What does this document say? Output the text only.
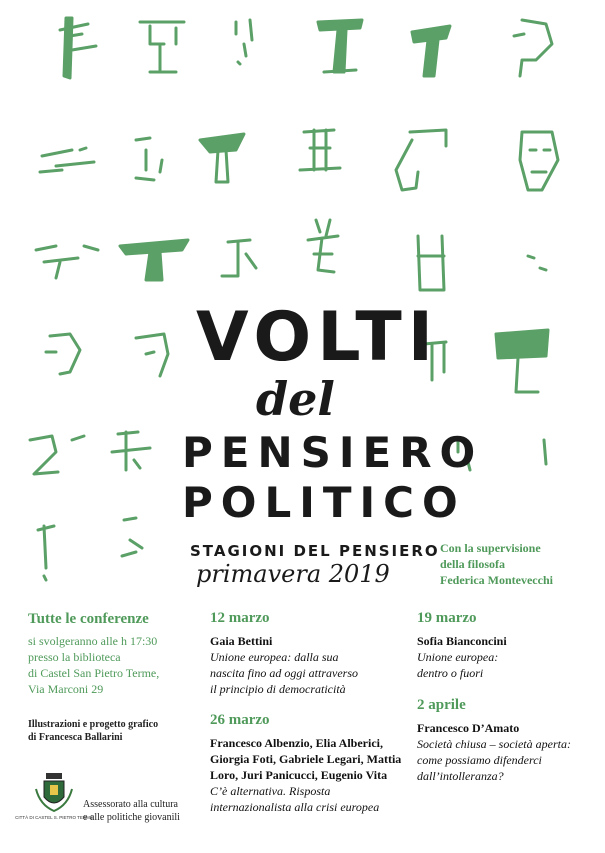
VOLTI
del
PENSIERO
POLITICO
STAGIONI DEL PENSIERO
primavera 2019
Con la supervisione
della filosofa
Federica Montevecchi
Tutte le conferenze
si svolgeranno alle h 17:30
presso la biblioteca
di Castel San Pietro Terme,
Via Marconi 29
Illustrazioni e progetto grafico
di Francesca Ballarini
CITTÀ DI CASTEL S. PIETRO TERME
Assessorato alla cultura
e alle politiche giovanili
12 marzo
Gaia Bettini
Unione europea: dalla sua
nascita fino ad oggi attraverso
il principio di democraticità
19 marzo
Sofia Bianconcini
Unione europea:
dentro o fuori
26 marzo
Francesco Albenzio, Elia Alberici,
Giorgia Foti, Gabriele Legari, Mattia
Loro, Juri Panicucci, Eugenio Vita
C’è alternativa. Risposta
internazionalista alla crisi europea
2 aprile
Francesco D’Amato
Società chiusa – società aperta:
come possiamo difenderci
dall’intolleranza?
